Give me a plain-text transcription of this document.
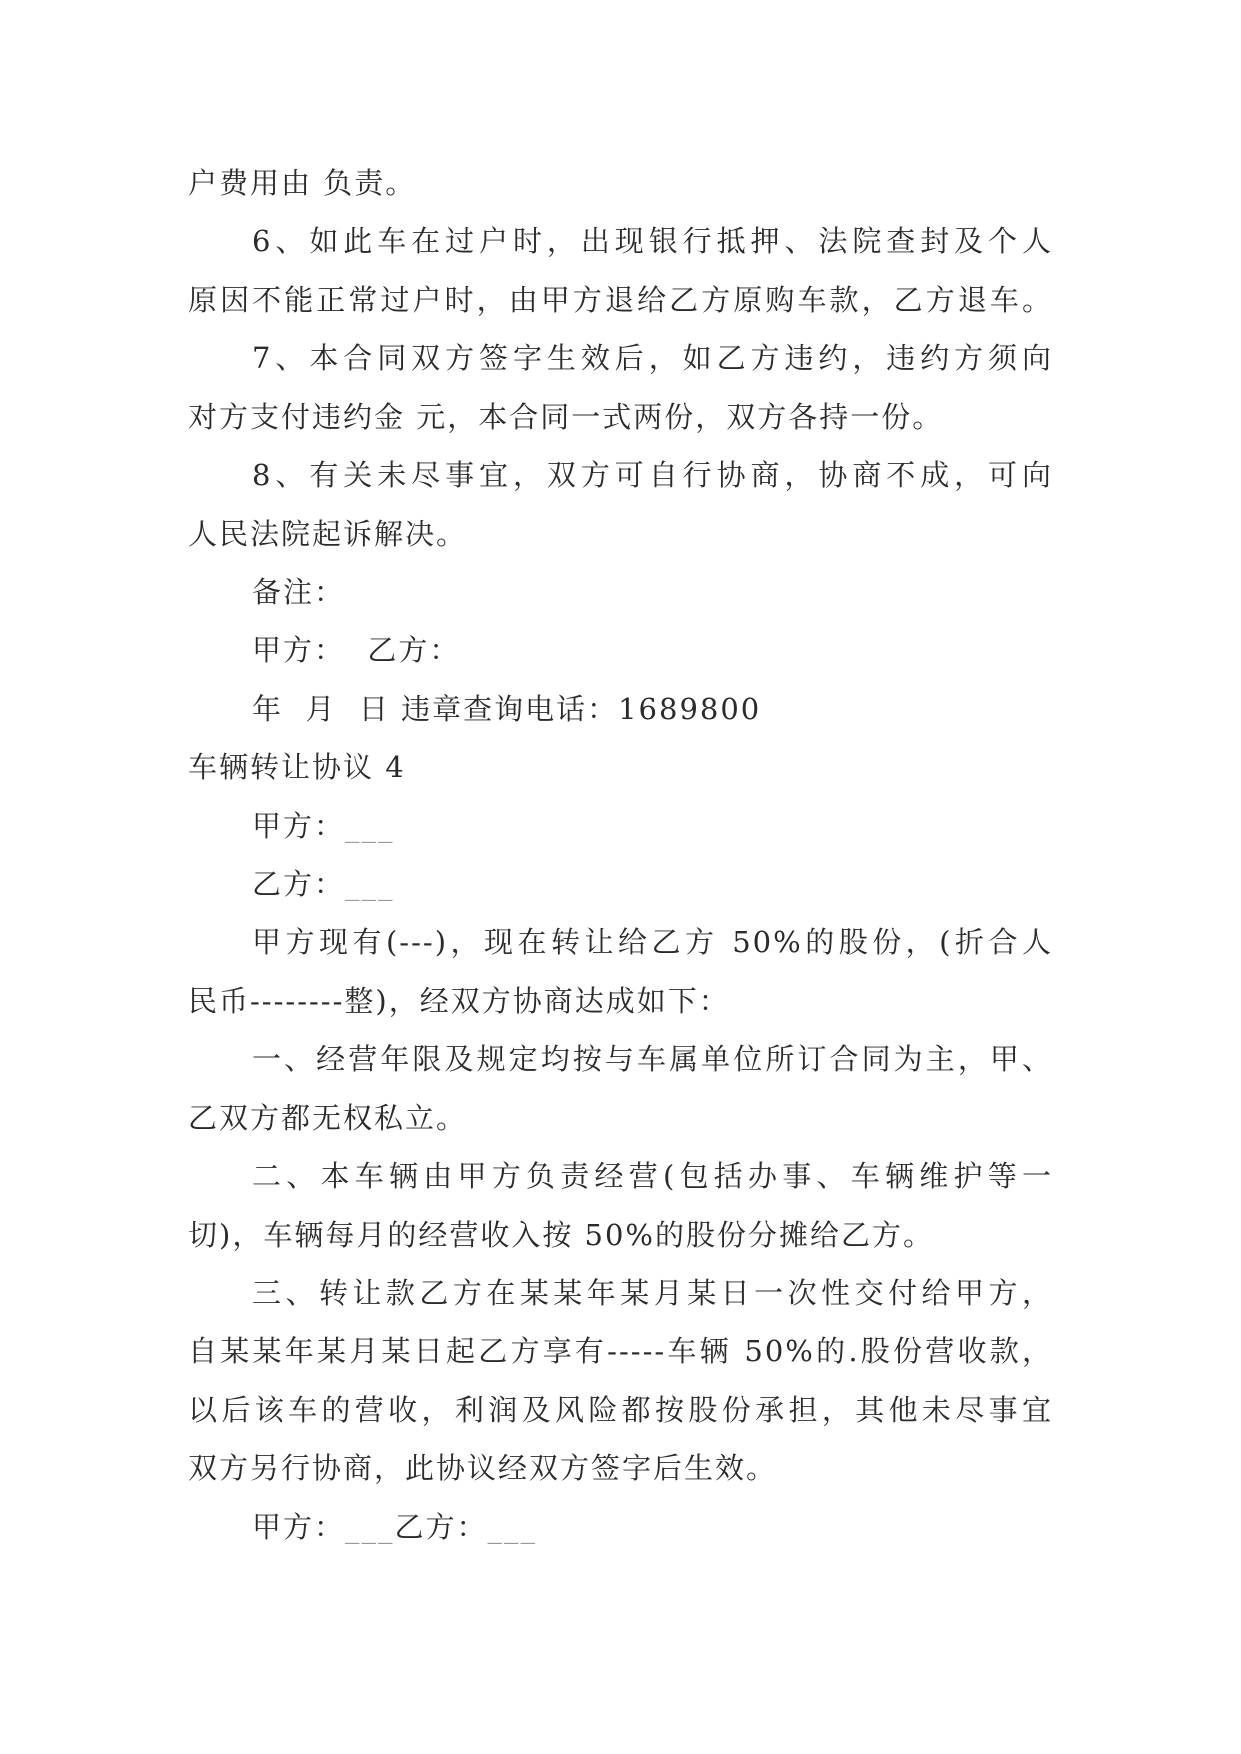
户费用由 负责。
6、如此车在过户时，出现银行抵押、法院查封及个人
原因不能正常过户时，由甲方退给乙方原购车款，乙方退车。
7、本合同双方签字生效后，如乙方违约，违约方须向
对方支付违约金 元，本合同一式两份，双方各持一份。
8、有关未尽事宜，双方可自行协商，协商不成，可向
人民法院起诉解决。
备注：
甲方：  乙方：
年  月  日 违章查询电话：1689800
车辆转让协议 4
甲方：___
乙方：___
甲方现有(---)，现在转让给乙方 50%的股份，(折合人
民币--------整)，经双方协商达成如下：
一、经营年限及规定均按与车属单位所订合同为主，甲、
乙双方都无权私立。
二、本车辆由甲方负责经营(包括办事、车辆维护等一
切)，车辆每月的经营收入按 50%的股份分摊给乙方。
三、转让款乙方在某某年某月某日一次性交付给甲方，
自某某年某月某日起乙方享有-----车辆 50%的.股份营收款，
以后该车的营收，利润及风险都按股份承担，其他未尽事宜
双方另行协商，此协议经双方签字后生效。
甲方：___乙方：___
